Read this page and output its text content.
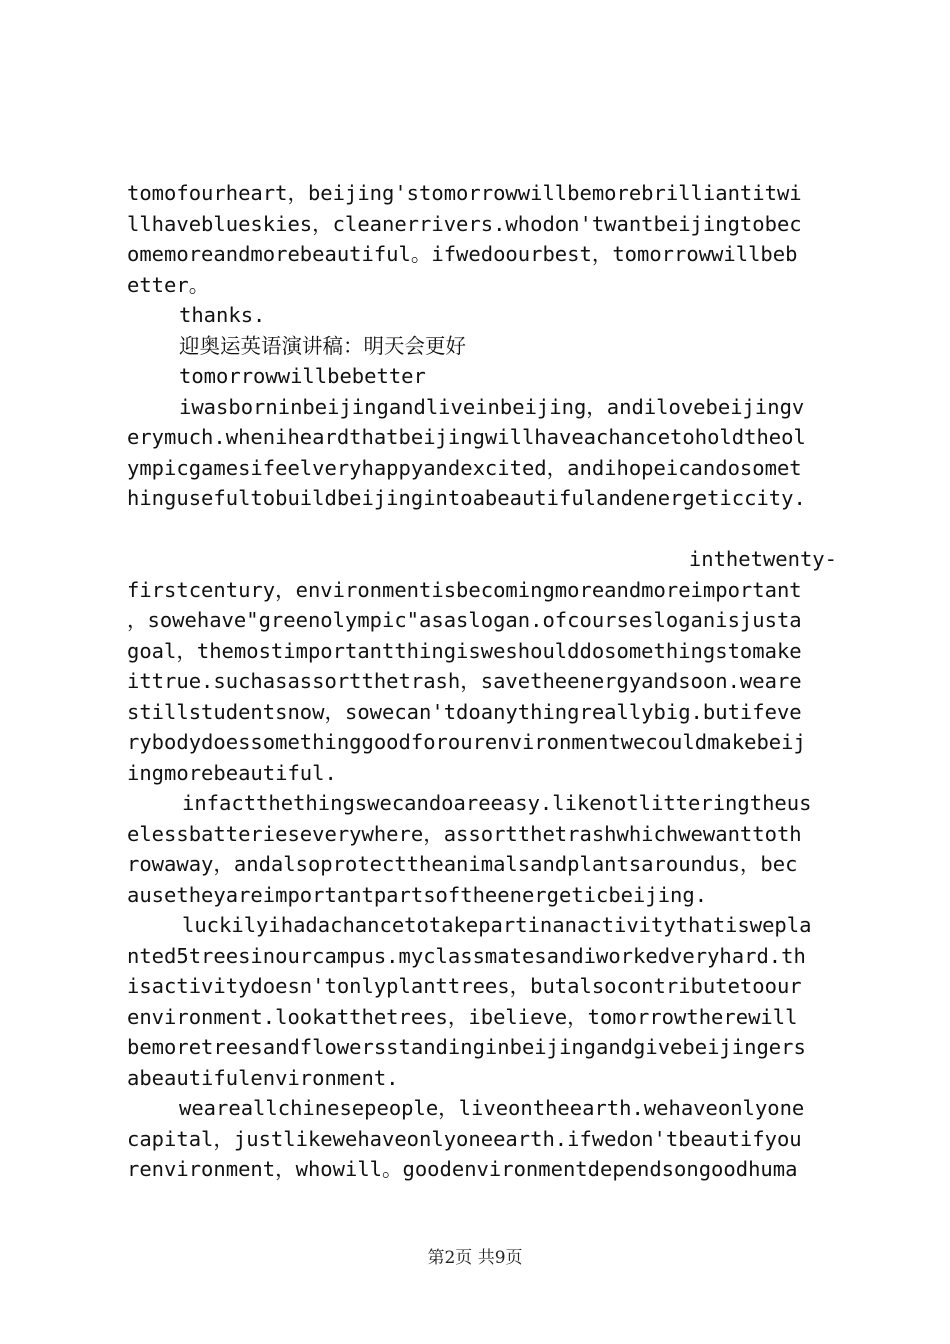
tomofourheart，beijing'stomorrowwillbemorebrilliantitwi
llhaveblueskies，cleanerrivers.whodon'twantbeijingtobec
omemoreandmorebeautiful。ifwedoourbest，tomorrowwillbeb
etter。
thanks.
迎奥运英语演讲稿：明天会更好
tomorrowwillbebetter
iwasborninbeijingandliveinbeijing，andilovebeijingv
erymuch.wheniheardthatbeijingwillhaveachancetoholdtheol
ympicgamesifeelveryhappyandexcited，andihopeicandosomet
hingusefultobuildbeijingintoabeautifulandenergeticcity.
inthetwenty-
firstcentury，environmentisbecomingmoreandmoreimportant
，sowehave"greenolympic"asaslogan.ofcoursesloganisjusta
goal，themostimportantthingisweshoulddosomethingstomake
ittrue.suchasassortthetrash，savetheenergyandsoon.weare
stillstudentsnow，sowecan'tdoanythingreallybig.butifeve
rybodydoessomethinggoodforourenvironmentwecouldmakebeij
ingmorebeautiful.
infactthethingswecandoareeasy.likenotlitteringtheus
elessbatterieseverywhere，assortthetrashwhichwewanttoth
rowaway，andalsoprotecttheanimalsandplantsaroundus，bec
ausetheyareimportantpartsoftheenergeticbeijing.
luckilyihadachancetotakepartinanactivitythatisweplа
nted5treesinourcampus.myclassmatesandiworkedveryhard.th
isactivitydoesn'tonlyplanttrees，butalsocontributetoour
environment.lookatthetrees，ibelieve，tomorrowtherewill
bemoretreesandflowersstandinginbeijingandgivebeijingers
abeautifulenvironment.
weareallchinesepeople，liveontheearth.wehaveonlyone
capital，justlikewehaveonlyoneearth.ifwedon'tbeautifyou
renvironment，whowill。goodenvironmentdependsongoodhuma
第2页 共9页
